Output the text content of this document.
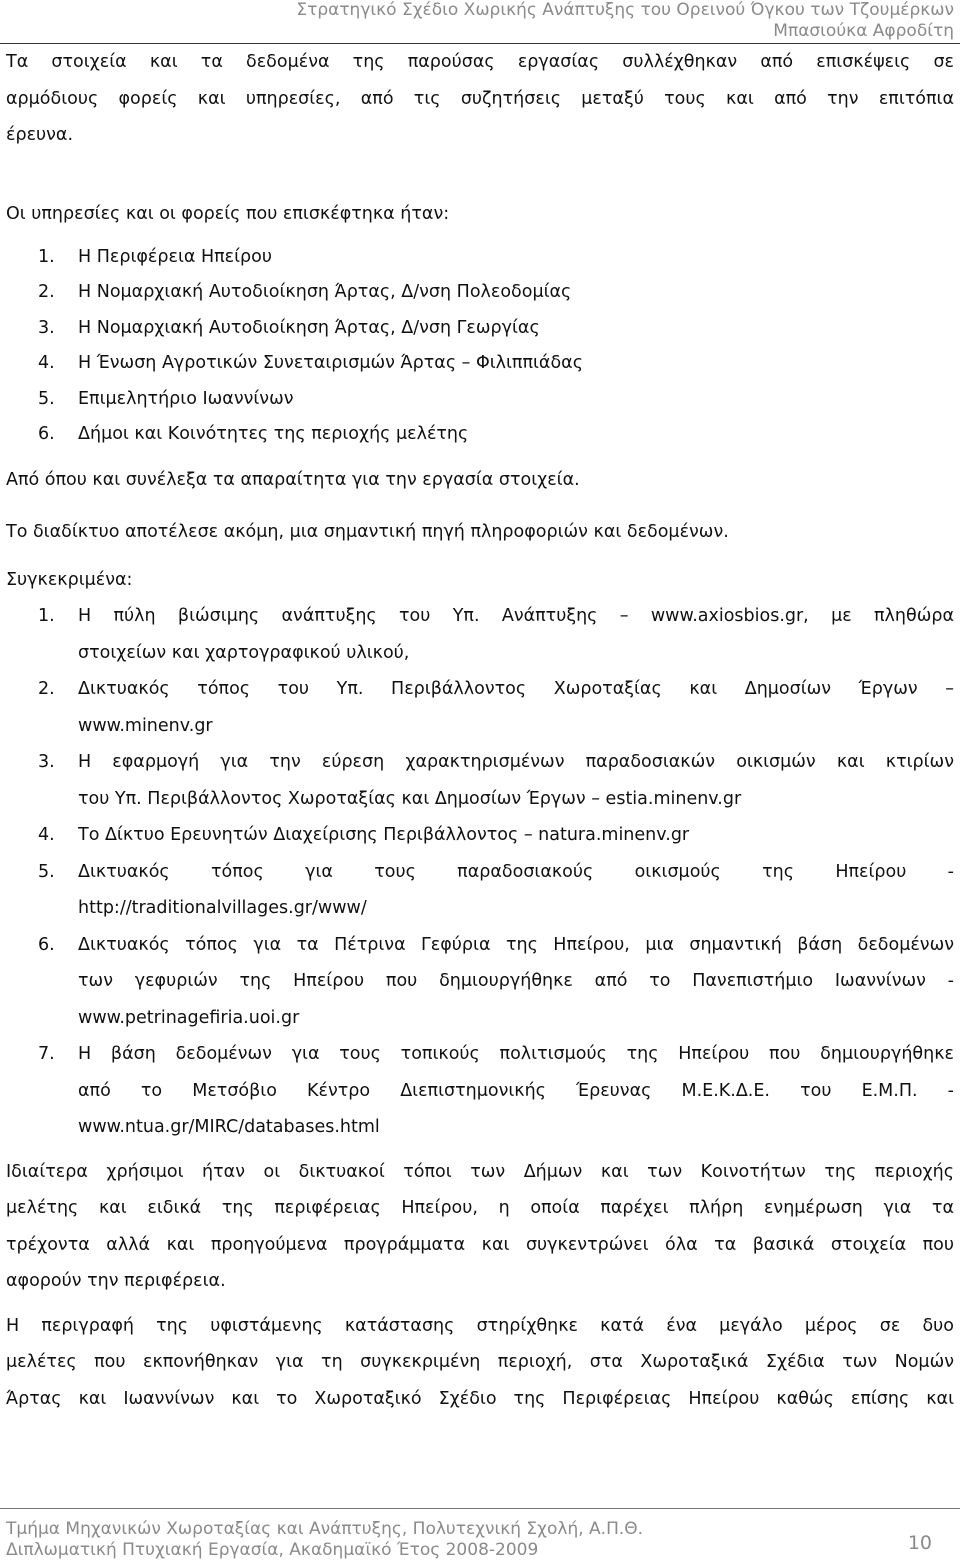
Στρατηγικό Σχέδιο Χωρικής Ανάπτυξης του Ορεινού Όγκου των Τζουμέρκων
Μπασιούκα Αφροδίτη

Τα στοιχεία και τα δεδομένα της παρούσας εργασίας συλλέχθηκαν από επισκέψεις σε

αρμόδιους φορείς και υπηρεσίες, από τις συζητήσεις μεταξύ τους και από την επιτόπια

έρευνα.

Οι υπηρεσίες και οι φορείς που επισκέφτηκα ήταν:

1. Η Περιφέρεια Ηπείρου
2. Η Νομαρχιακή Αυτοδιοίκηση Άρτας, Δ/νση Πολεοδομίας
3. Η Νομαρχιακή Αυτοδιοίκηση Άρτας, Δ/νση Γεωργίας
4. Η Ένωση Αγροτικών Συνεταιρισμών Άρτας – Φιλιππιάδας
5. Επιμελητήριο Ιωαννίνων
6. Δήμοι και Κοινότητες της περιοχής μελέτης

Από όπου και συνέλεξα τα απαραίτητα για την εργασία στοιχεία.

Το διαδίκτυο αποτέλεσε ακόμη, μια σημαντική πηγή πληροφοριών και δεδομένων.

Συγκεκριμένα:

1. Η πύλη βιώσιμης ανάπτυξης του Υπ. Ανάπτυξης – www.axiosbios.gr, με πληθώρα
στοιχείων και χαρτογραφικού υλικού,
2. Δικτυακός τόπος του Υπ. Περιβάλλοντος Χωροταξίας και Δημοσίων Έργων –
www.minenv.gr
3. Η εφαρμογή για την εύρεση χαρακτηρισμένων παραδοσιακών οικισμών και κτιρίων
του Υπ. Περιβάλλοντος Χωροταξίας και Δημοσίων Έργων – estia.minenv.gr
4. Το Δίκτυο Ερευνητών Διαχείρισης Περιβάλλοντος – natura.minenv.gr
5. Δικτυακός τόπος για τους παραδοσιακούς οικισμούς της Ηπείρου -
http://traditionalvillages.gr/www/
6. Δικτυακός τόπος για τα Πέτρινα Γεφύρια της Ηπείρου, μια σημαντική βάση δεδομένων
των γεφυριών της Ηπείρου που δημιουργήθηκε από το Πανεπιστήμιο Ιωαννίνων -
www.petrinagefiria.uoi.gr
7. Η βάση δεδομένων για τους τοπικούς πολιτισμούς της Ηπείρου που δημιουργήθηκε
από το Μετσόβιο Κέντρο Διεπιστημονικής Έρευνας Μ.Ε.Κ.Δ.Ε. του Ε.Μ.Π. -
www.ntua.gr/MIRC/databases.html

Ιδιαίτερα χρήσιμοι ήταν οι δικτυακοί τόποι των Δήμων και των Κοινοτήτων της περιοχής

μελέτης και ειδικά της περιφέρειας Ηπείρου, η οποία παρέχει πλήρη ενημέρωση για τα

τρέχοντα αλλά και προηγούμενα προγράμματα και συγκεντρώνει όλα τα βασικά στοιχεία που

αφορούν την περιφέρεια.

Η περιγραφή της υφιστάμενης κατάστασης στηρίχθηκε κατά ένα μεγάλο μέρος σε δυο

μελέτες που εκπονήθηκαν για τη συγκεκριμένη περιοχή, στα Χωροταξικά Σχέδια των Νομών

Άρτας και Ιωαννίνων και το Χωροταξικό Σχέδιο της Περιφέρειας Ηπείρου καθώς επίσης και

Τμήμα Μηχανικών Χωροταξίας και Ανάπτυξης, Πολυτεχνική Σχολή, Α.Π.Θ.
Διπλωματική Πτυχιακή Εργασία, Ακαδημαϊκό Έτος 2008-2009	10
